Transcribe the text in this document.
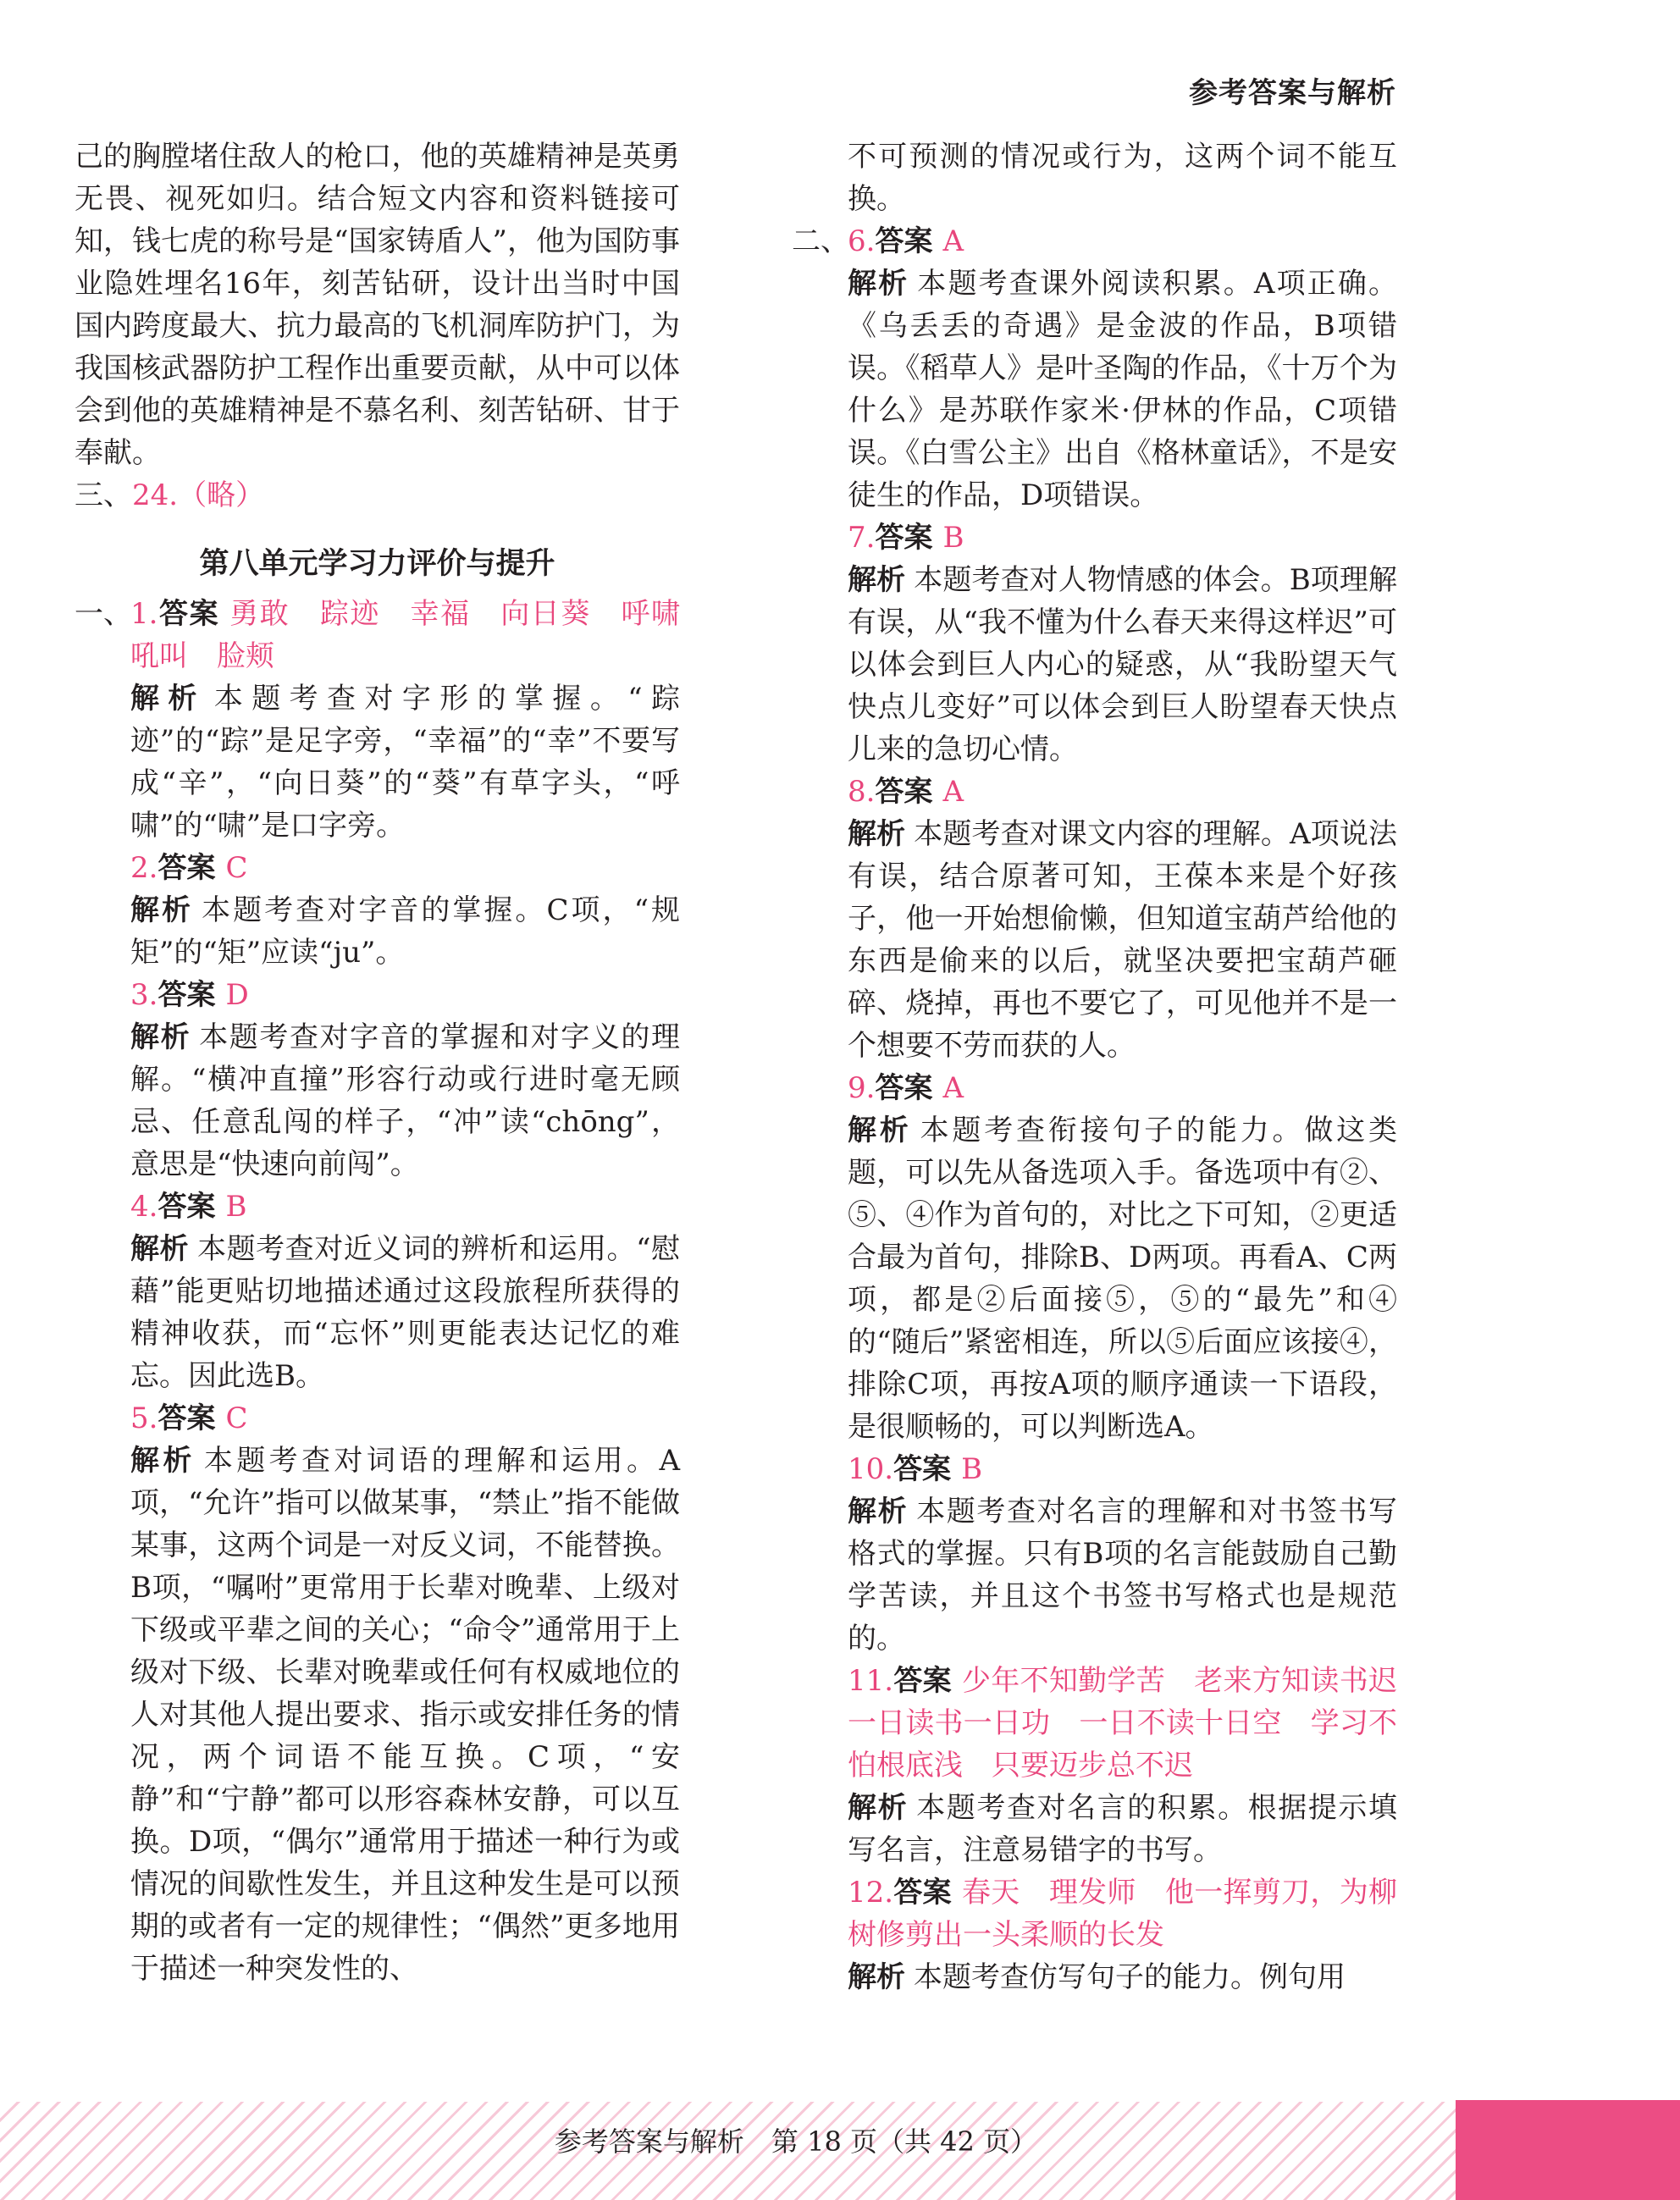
参考答案与解析

己的胸膛堵住敌人的枪口，他的英雄精神是英勇无畏、视死如归。结合短文内容和资料链接可知，钱七虎的称号是“国家铸盾人”，他为国防事业隐姓埋名16年，刻苦钻研，设计出当时中国国内跨度最大、抗力最高的飞机洞库防护门，为我国核武器防护工程作出重要贡献，从中可以体会到他的英雄精神是不慕名利、刻苦钻研、甘于奉献。

三、24.（略）

第八单元学习力评价与提升

一、1.答案 勇敢　踪迹　幸福　向日葵　呼啸　吼叫　脸颊

解析 本题考查对字形的掌握。“踪迹”的“踪”是足字旁，“幸福”的“幸”不要写成“辛”，“向日葵”的“葵”有草字头，“呼啸”的“啸”是口字旁。

2.答案 C

解析 本题考查对字音的掌握。C项，“规矩”的“矩”应读“ju”。

3.答案 D

解析 本题考查对字音的掌握和对字义的理解。“横冲直撞”形容行动或行进时毫无顾忌、任意乱闯的样子，“冲”读“chōng”，意思是“快速向前闯”。

4.答案 B

解析 本题考查对近义词的辨析和运用。“慰藉”能更贴切地描述通过这段旅程所获得的精神收获，而“忘怀”则更能表达记忆的难忘。因此选B。

5.答案 C

解析 本题考查对词语的理解和运用。A项，“允许”指可以做某事，“禁止”指不能做某事，这两个词是一对反义词，不能替换。B项，“嘱咐”更常用于长辈对晚辈、上级对下级或平辈之间的关心；“命令”通常用于上级对下级、长辈对晚辈或任何有权威地位的人对其他人提出要求、指示或安排任务的情况，两个词语不能互换。C项，“安静”和“宁静”都可以形容森林安静，可以互换。D项，“偶尔”通常用于描述一种行为或情况的间歇性发生，并且这种发生是可以预期的或者有一定的规律性；“偶然”更多地用于描述一种突发性的、

不可预测的情况或行为，这两个词不能互换。

二、6.答案 A

解析 本题考查课外阅读积累。A项正确。《乌丢丢的奇遇》是金波的作品，B项错误。《稻草人》是叶圣陶的作品，《十万个为什么》是苏联作家米·伊林的作品，C项错误。《白雪公主》出自《格林童话》，不是安徒生的作品，D项错误。

7.答案 B

解析 本题考查对人物情感的体会。B项理解有误，从“我不懂为什么春天来得这样迟”可以体会到巨人内心的疑惑，从“我盼望天气快点儿变好”可以体会到巨人盼望春天快点儿来的急切心情。

8.答案 A

解析 本题考查对课文内容的理解。A项说法有误，结合原著可知，王葆本来是个好孩子，他一开始想偷懒，但知道宝葫芦给他的东西是偷来的以后，就坚决要把宝葫芦砸碎、烧掉，再也不要它了，可见他并不是一个想要不劳而获的人。

9.答案 A

解析 本题考查衔接句子的能力。做这类题，可以先从备选项入手。备选项中有②、⑤、④作为首句的，对比之下可知，②更适合最为首句，排除B、D两项。再看A、C两项，都是②后面接⑤，⑤的“最先”和④的“随后”紧密相连，所以⑤后面应该接④，排除C项，再按A项的顺序通读一下语段，是很顺畅的，可以判断选A。

10.答案 B

解析 本题考查对名言的理解和对书签书写格式的掌握。只有B项的名言能鼓励自己勤学苦读，并且这个书签书写格式也是规范的。

11.答案 少年不知勤学苦　老来方知读书迟　一日读书一日功　一日不读十日空　学习不怕根底浅　只要迈步总不迟

解析 本题考查对名言的积累。根据提示填写名言，注意易错字的书写。

12.答案 春天　理发师　他一挥剪刀，为柳树修剪出一头柔顺的长发

解析 本题考查仿写句子的能力。例句用

参考答案与解析　第 18 页（共 42 页）
